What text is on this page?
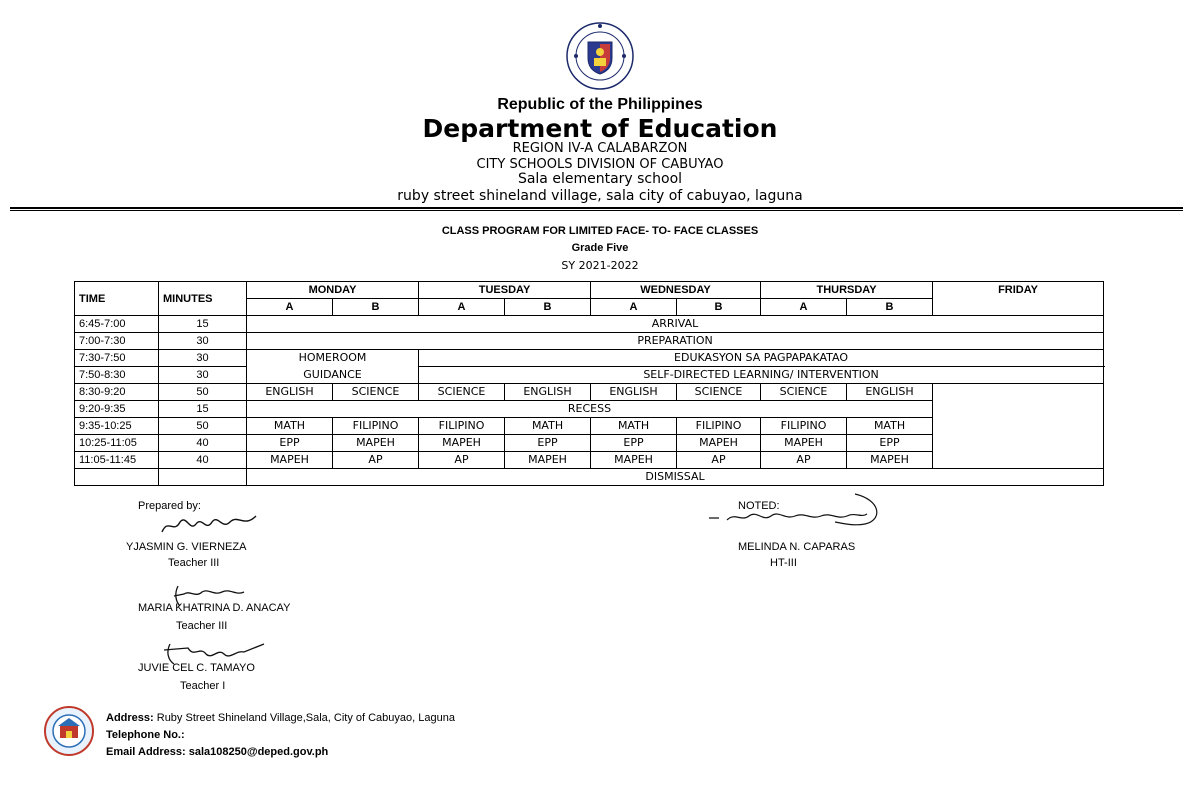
Republic of the Philippines
Department of Education
REGION IV-A CALABARZON
CITY SCHOOLS DIVISION OF CABUYAO
Sala elementary school
ruby street shineland village, sala city of cabuyao, laguna
CLASS PROGRAM FOR LIMITED FACE- TO- FACE CLASSES
Grade Five
SY 2021-2022
TIME	MINUTES	MONDAY		TUESDAY		WEDNESDAY		THURSDAY		FRIDAY	
		A	B	A	B	A	B	A	B		
6:45-7:00	15	ARRIVAL									
7:00-7:30	30	PREPARATION									
7:30-7:50	30	HOMEROOM		EDUKASYON SA PAGPAPAKATAO	

7:50-8:30	30	GUIDANCE		SELF-DIRECTED LEARNING/ INTERVENTION							
8:30-9:20	50	ENGLISH	SCIENCE	SCIENCE	ENGLISH	ENGLISH	SCIENCE	SCIENCE	ENGLISH		
9:20-9:35	15	RECESS									
9:35-10:25	50	MATH	FILIPINO	FILIPINO	MATH	MATH	FILIPINO	FILIPINO	MATH		
10:25-11:05	40	EPP	MAPEH	MAPEH	EPP	EPP	MAPEH	MAPEH	EPP		
11:05-11:45	40	MAPEH	AP	AP	MAPEH	MAPEH	AP	AP	MAPEH		
		DISMISSAL									
Prepared by:	NOTED:
YJASMIN G. VIERNEZA
Teacher III
MARIA KHATRINA D. ANACAY
Teacher III
JUVIE CEL C. TAMAYO
Teacher I
MELINDA N. CAPARAS
HT-III
Address: Ruby Street Shineland Village,Sala, City of Cabuyao, Laguna
Telephone No.:
Email Address: sala108250@deped.gov.ph
